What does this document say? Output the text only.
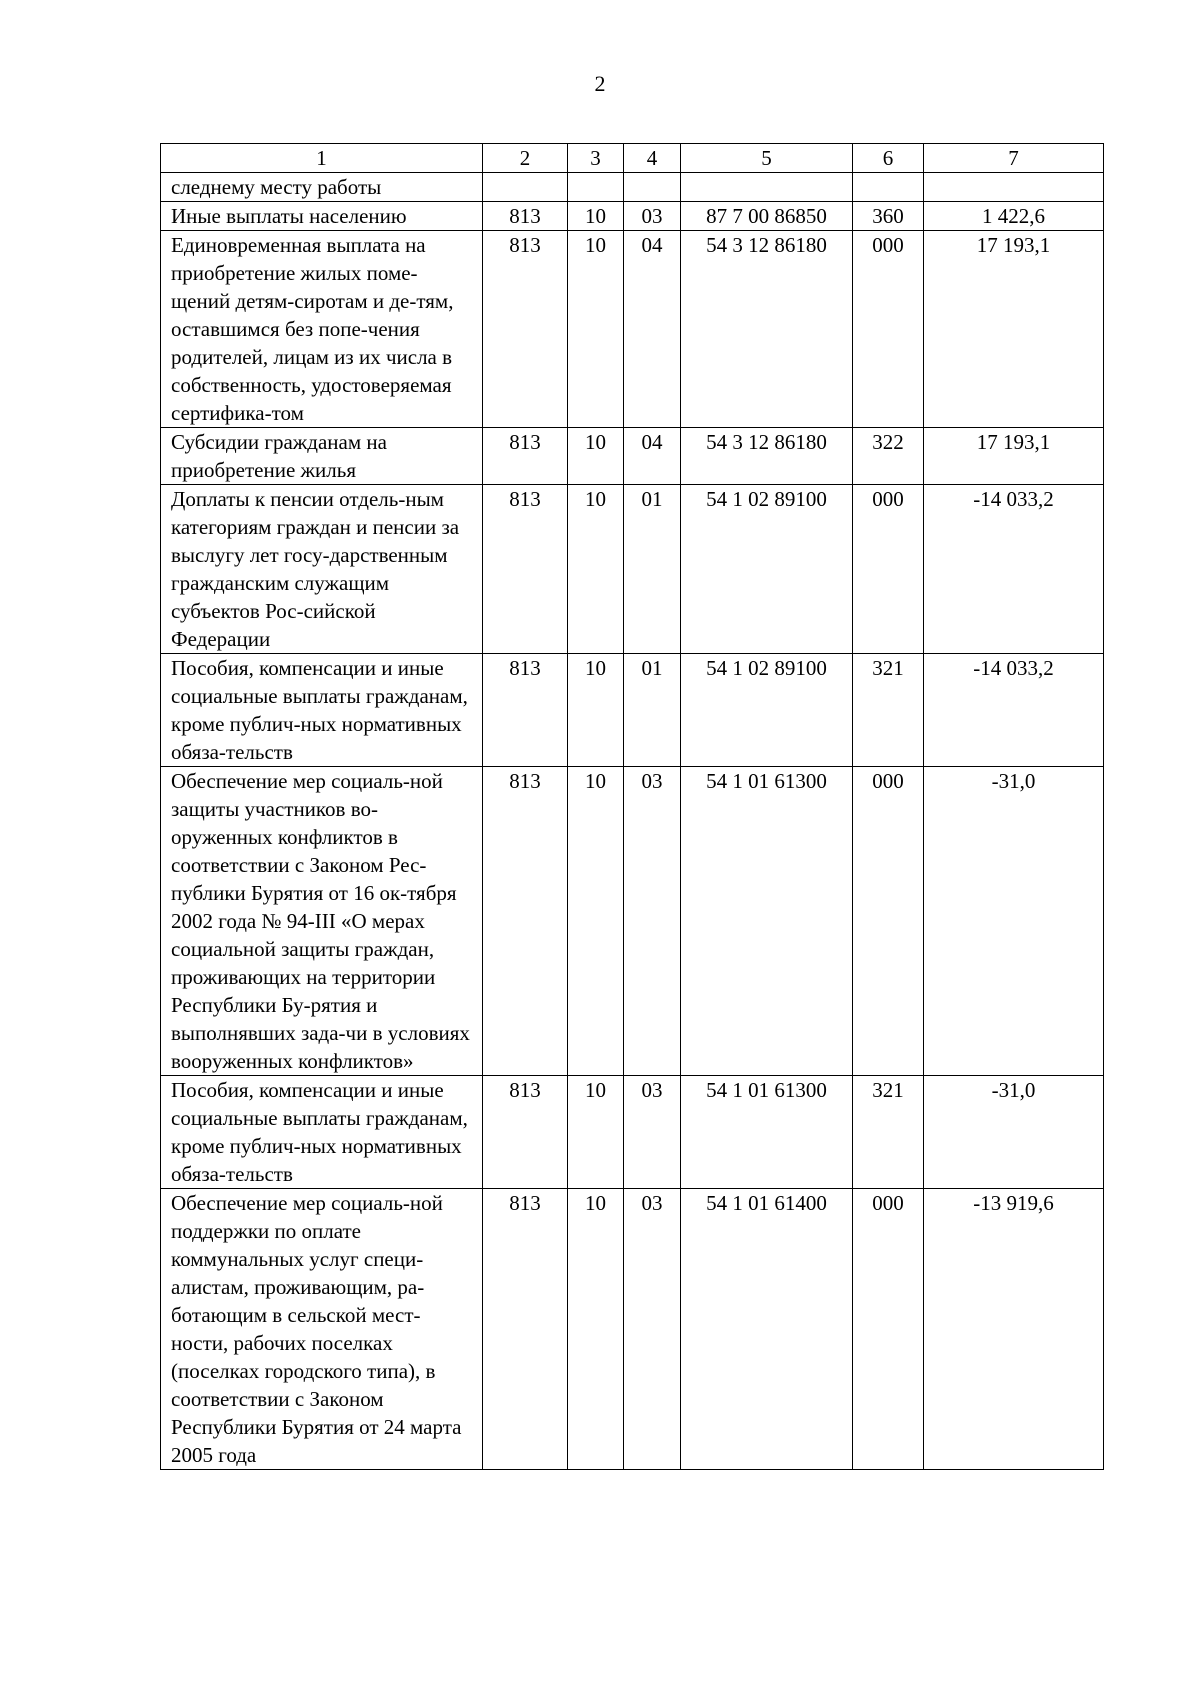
2
1	2	3	4	5	6	7
следнему месту работы						
Иные выплаты населению	813	10	03	87 7 00 86850	360	1 422,6
Единовременная выплата на приобретение жилых поме-щений детям-сиротам и де-тям, оставшимся без попе-чения родителей, лицам из их числа в собственность, удостоверяемая сертифика-том	813	10	04	54 3 12 86180	000	17 193,1
Субсидии гражданам на приобретение жилья	813	10	04	54 3 12 86180	322	17 193,1
Доплаты к пенсии отдель-ным категориям граждан и пенсии за выслугу лет госу-дарственным гражданским служащим субъектов Рос-сийской Федерации	813	10	01	54 1 02 89100	000	-14 033,2
Пособия, компенсации и иные социальные выплаты гражданам, кроме публич-ных нормативных обяза-тельств	813	10	01	54 1 02 89100	321	-14 033,2
Обеспечение мер социаль-ной защиты участников во-оруженных конфликтов в соответствии с Законом Рес-публики Бурятия от 16 ок-тября 2002 года № 94-III «О мерах социальной защиты граждан, проживающих на территории Республики Бу-рятия и выполнявших зада-чи в условиях вооруженных конфликтов»	813	10	03	54 1 01 61300	000	-31,0
Пособия, компенсации и иные социальные выплаты гражданам, кроме публич-ных нормативных обяза-тельств	813	10	03	54 1 01 61300	321	-31,0
Обеспечение мер социаль-ной поддержки по оплате коммунальных услуг специ-алистам, проживающим, ра-ботающим в сельской мест-ности, рабочих поселках (поселках городского типа), в соответствии с Законом Республики Бурятия от 24 марта 2005 года	813	10	03	54 1 01 61400	000	-13 919,6
